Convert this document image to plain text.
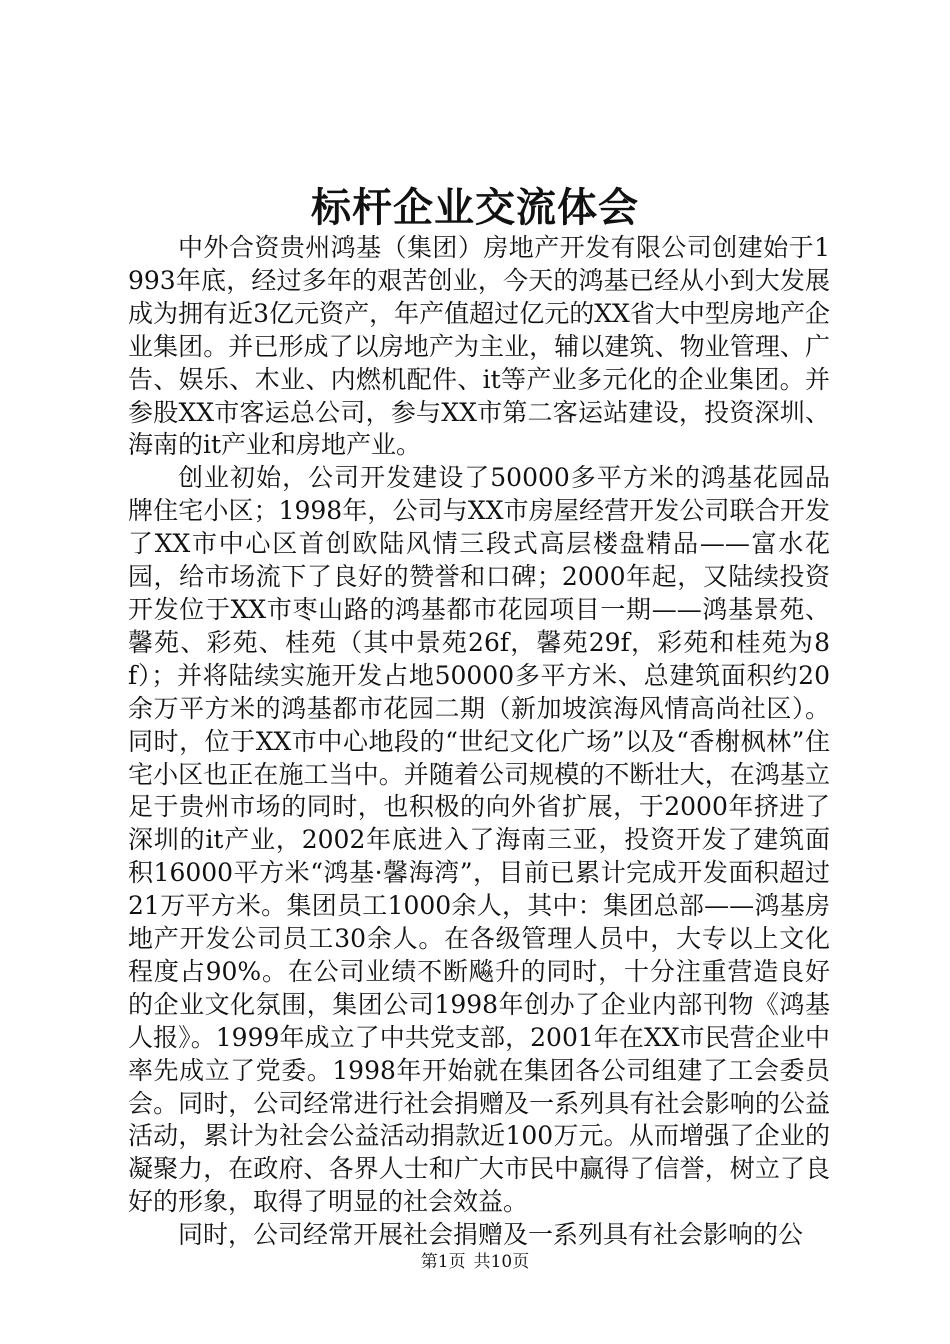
标杆企业交流体会

中外合资贵州鸿基（集团）房地产开发有限公司创建始于1993年底，经过多年的艰苦创业，今天的鸿基已经从小到大发展成为拥有近3亿元资产，年产值超过亿元的XX省大中型房地产企业集团。并已形成了以房地产为主业，辅以建筑、物业管理、广告、娱乐、木业、内燃机配件、it等产业多元化的企业集团。并参股XX市客运总公司，参与XX市第二客运站建设，投资深圳、海南的it产业和房地产业。

创业初始，公司开发建设了50000多平方米的鸿基花园品牌住宅小区；1998年，公司与XX市房屋经营开发公司联合开发了XX市中心区首创欧陆风情三段式高层楼盘精品——富水花园，给市场流下了良好的赞誉和口碑；2000年起，又陆续投资开发位于XX市枣山路的鸿基都市花园项目一期——鸿基景苑、馨苑、彩苑、桂苑（其中景苑26f，馨苑29f，彩苑和桂苑为8f）；并将陆续实施开发占地50000多平方米、总建筑面积约20余万平方米的鸿基都市花园二期（新加坡滨海风情高尚社区）。同时，位于XX市中心地段的“世纪文化广场”以及“香榭枫林”住宅小区也正在施工当中。并随着公司规模的不断壮大，在鸿基立足于贵州市场的同时，也积极的向外省扩展，于2000年挤进了深圳的it产业，2002年底进入了海南三亚，投资开发了建筑面积16000平方米“鸿基·馨海湾”，目前已累计完成开发面积超过21万平方米。集团员工1000余人，其中：集团总部——鸿基房地产开发公司员工30余人。在各级管理人员中，大专以上文化程度占90%。在公司业绩不断飚升的同时，十分注重营造良好的企业文化氛围，集团公司1998年创办了企业内部刊物《鸿基人报》。1999年成立了中共党支部，2001年在XX市民营企业中率先成立了党委。1998年开始就在集团各公司组建了工会委员会。同时，公司经常进行社会捐赠及一系列具有社会影响的公益活动，累计为社会公益活动捐款近100万元。从而增强了企业的凝聚力，在政府、各界人士和广大市民中赢得了信誉，树立了良好的形象，取得了明显的社会效益。

同时，公司经常开展社会捐赠及一系列具有社会影响的公

第1页 共10页
